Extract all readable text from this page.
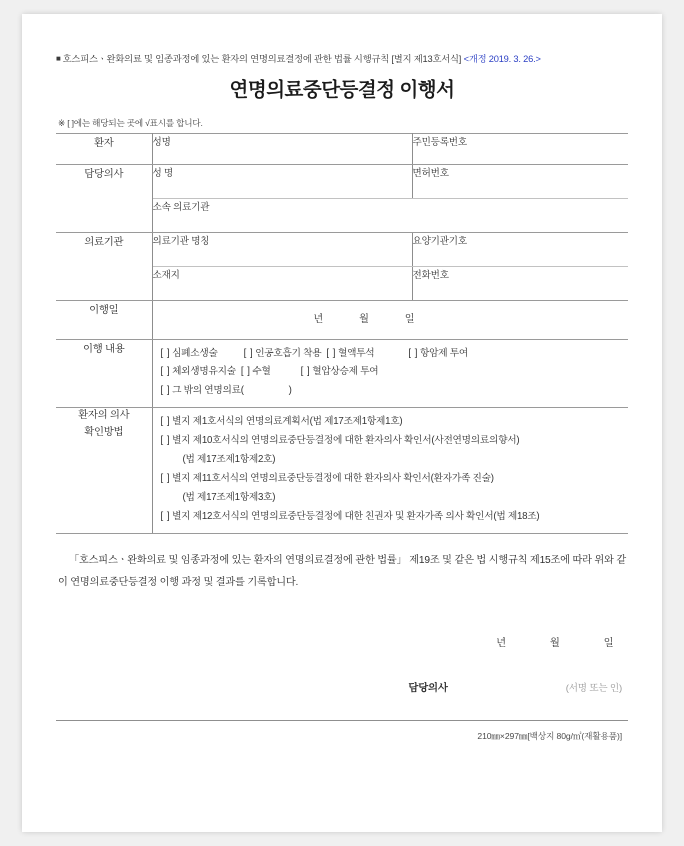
■ 호스피스ㆍ완화의료 및 임종과정에 있는 환자의 연명의료결정에 관한 법률 시행규칙 [별지 제13호서식] <개정 2019. 3. 26.>
연명의료중단등결정 이행서
※ [ ]에는 해당되는 곳에 √표시를 합니다.
환자	성명	주민등록번호
담당의사	성 명	면허번호
	소속 의료기관	
의료기관	의료기관 명칭	요양기관기호
	소재지	전화번호
이행일	년 월 일	

이행 내용	[ ] 심폐소생술 [ ] 인공호흡기 착용 [ ] 혈액투석 [ ] 항암제 투여
[ ] 체외생명유지술 [ ] 수혈 [ ] 혈압상승제 투여
[ ] 그 밖의 연명의료( )	

환자의 의사
확인방법

[ ] 별지 제1호서식의 연명의료계획서(법 제17조제1항제1호)
[ ] 별지 제10호서식의 연명의료중단등결정에 대한 환자의사 확인서(사전연명의료의향서)
(법 제17조제1항제2호)
[ ] 별지 제11호서식의 연명의료중단등결정에 대한 환자의사 확인서(환자가족 진술)
(법 제17조제1항제3호)
[ ] 별지 제12호서식의 연명의료중단등결정에 대한 친권자 및 환자가족 의사 확인서(법 제18조)
「호스피스ㆍ완화의료 및 임종과정에 있는 환자의 연명의료결정에 관한 법률」 제19조 및 같은 법 시행규칙 제15조에 따라 위와 같이 연명의료중단등결정 이행 과정 및 결과를 기록합니다.
년	월	일
담당의사	(서명 또는 인)
210㎜×297㎜[백상지 80g/㎡(재활용품)]
